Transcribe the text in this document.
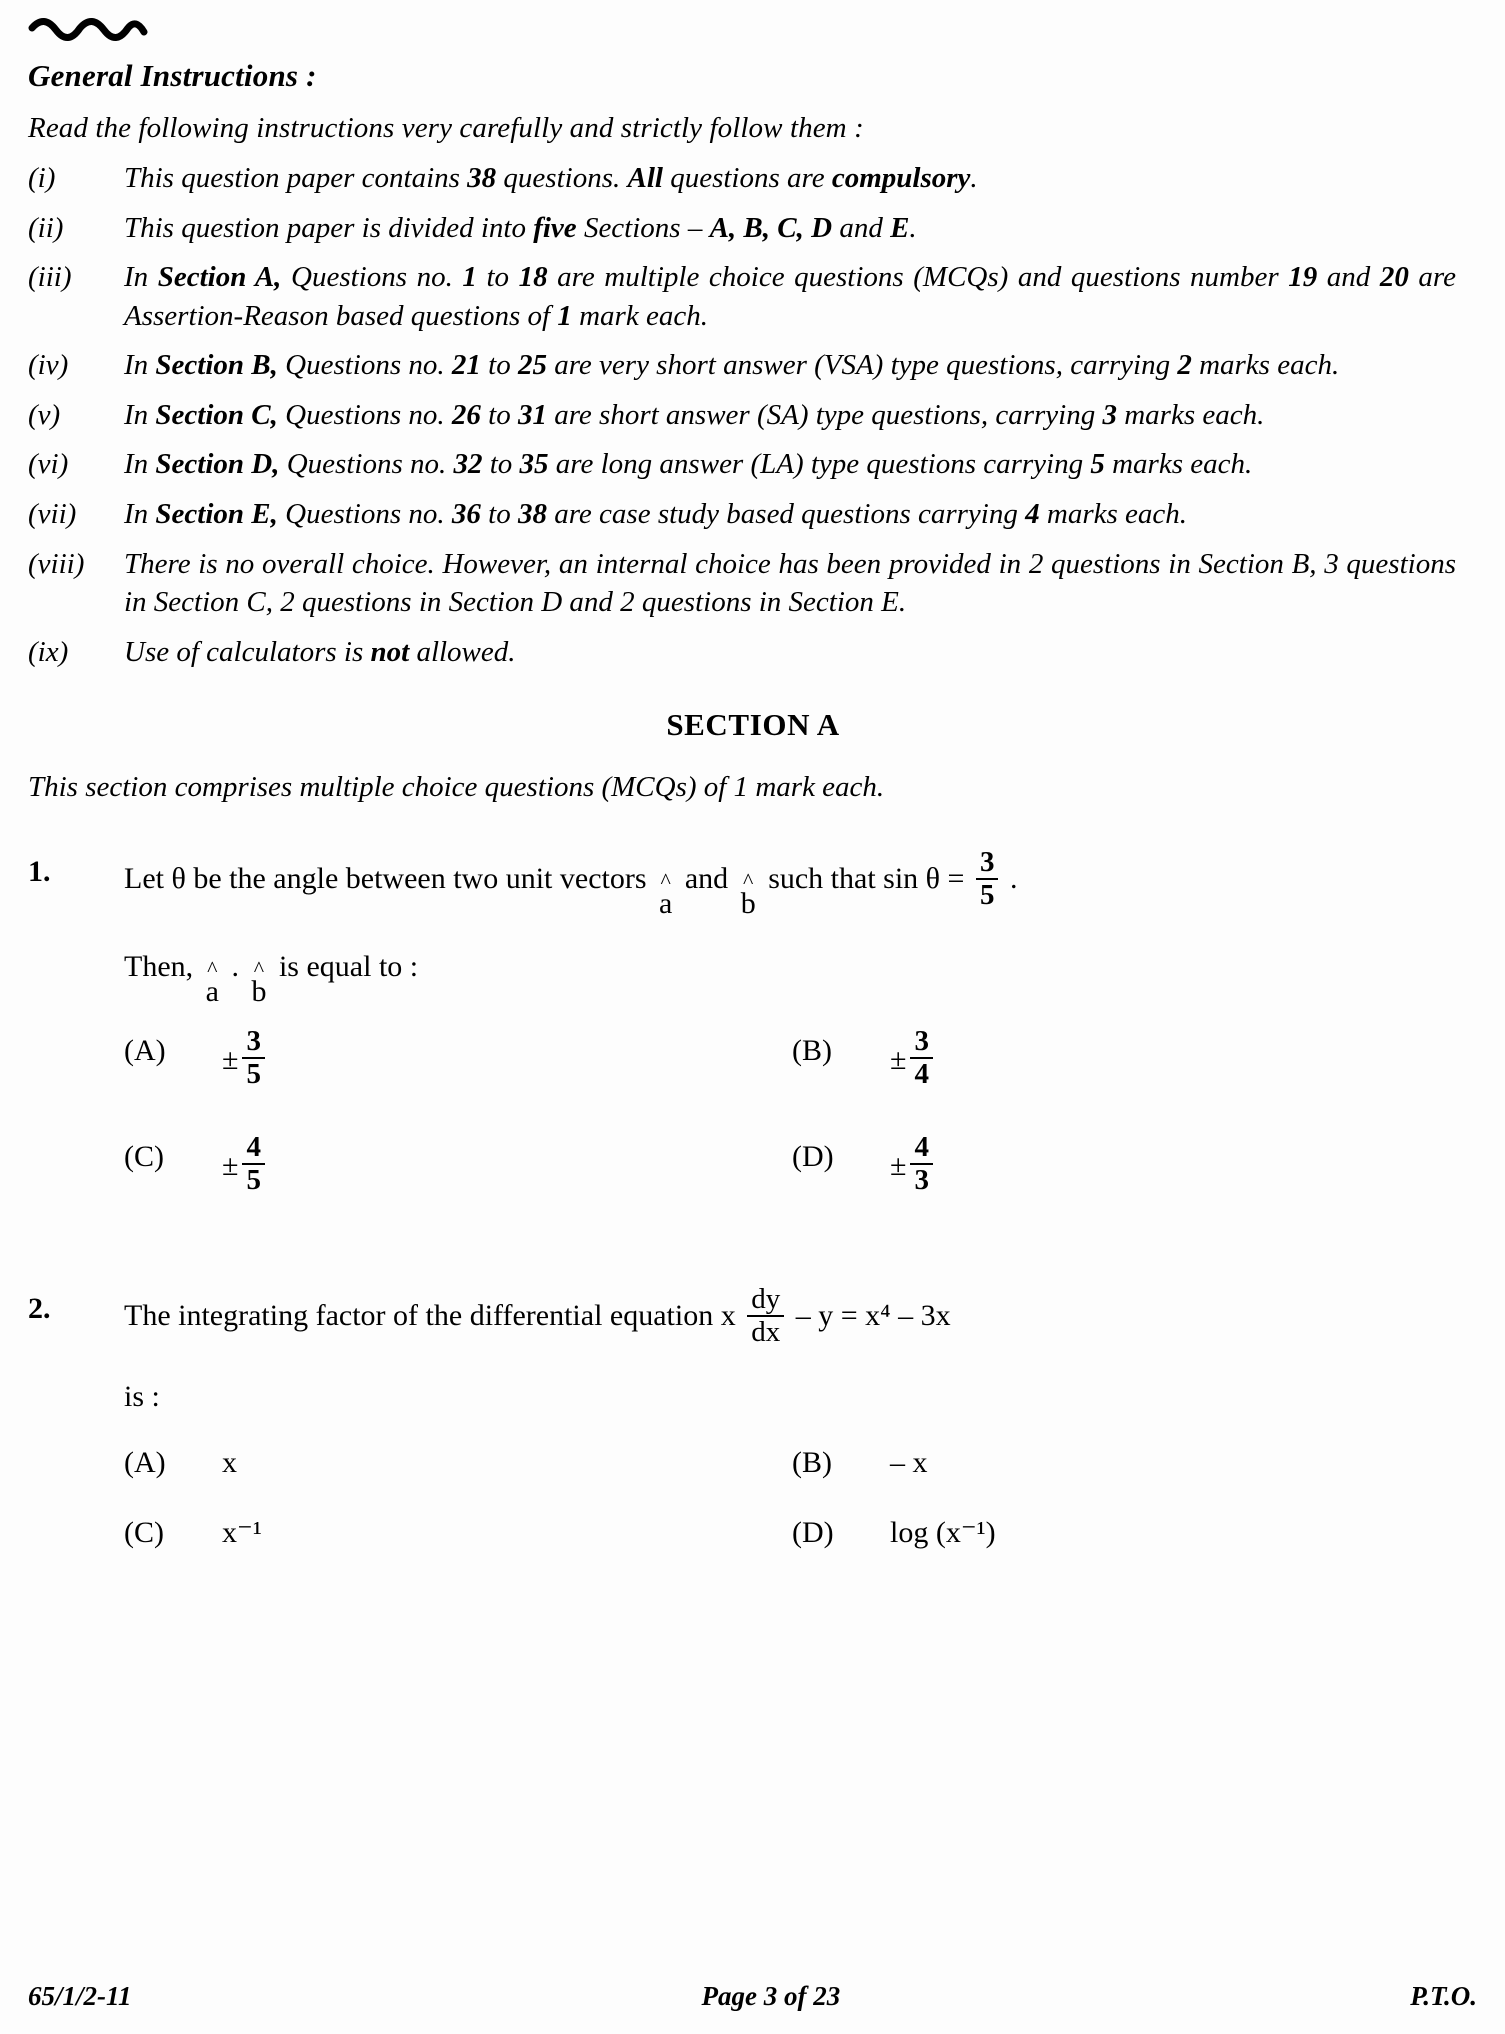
General Instructions :
Read the following instructions very carefully and strictly follow them :
(i)	This question paper contains 38 questions. All questions are compulsory.
(ii)	This question paper is divided into five Sections – A, B, C, D and E.
(iii)	In Section A, Questions no. 1 to 18 are multiple choice questions (MCQs) and questions number 19 and 20 are Assertion-Reason based questions of 1 mark each.
(iv)	In Section B, Questions no. 21 to 25 are very short answer (VSA) type questions, carrying 2 marks each.
(v)	In Section C, Questions no. 26 to 31 are short answer (SA) type questions, carrying 3 marks each.
(vi)	In Section D, Questions no. 32 to 35 are long answer (LA) type questions carrying 5 marks each.
(vii)	In Section E, Questions no. 36 to 38 are case study based questions carrying 4 marks each.
(viii)	There is no overall choice. However, an internal choice has been provided in 2 questions in Section B, 3 questions in Section C, 2 questions in Section D and 2 questions in Section E.
(ix)	Use of calculators is not allowed.
SECTION A
This section comprises multiple choice questions (MCQs) of 1 mark each.
1.	Let θ be the angle between two unit vectors ^
a
and ^
b
such that $\sin \theta = \frac{3}{5}$ .
Then, ^
a
. ^
b
is equal to :
(A)	± $\frac{3}{5}$	(B)	± $\frac{3}{4}$
(C)	± $\frac{4}{5}$	(D)	± $\frac{4}{3}$
2.	The integrating factor of the differential equation x $\frac{dy}{dx} - y = x^4 - 3x$
is :
(A)	x	(B)	– x
(C)	x⁻¹	(D)	log (x⁻¹)
65/1/2-11	Page 3 of 23	P.T.O.
